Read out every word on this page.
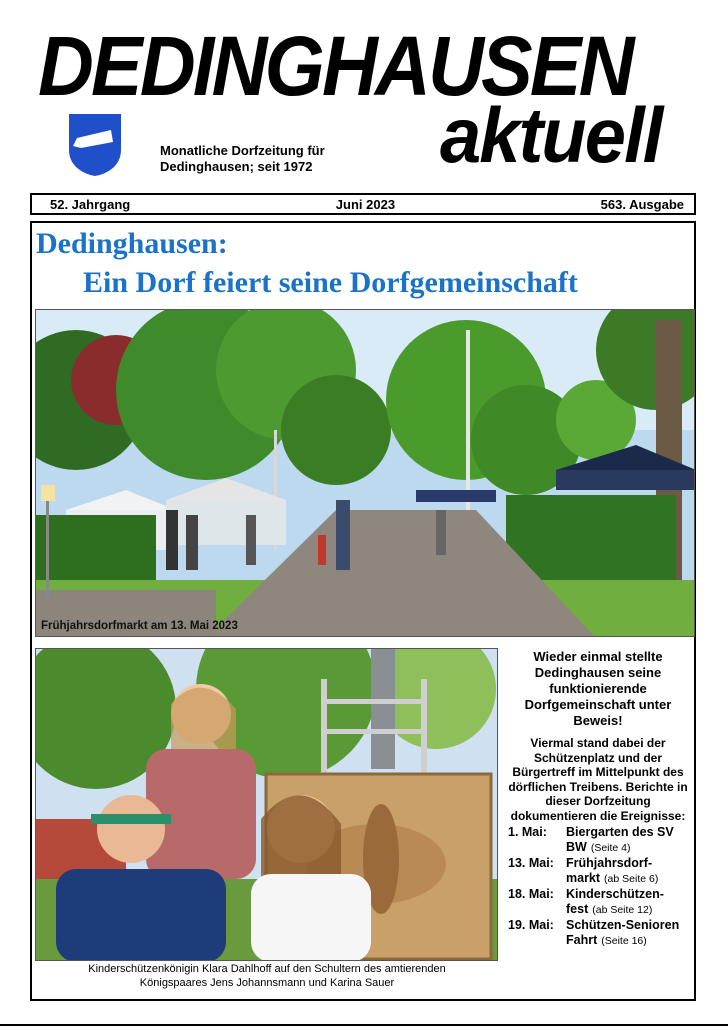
DEDINGHAUSEN
aktuell
Monatliche Dorfzeitung für
Dedinghausen; seit 1972
52. Jahrgang	Juni 2023	563. Ausgabe
Dedinghausen:
Ein Dorf feiert seine Dorfgemeinschaft
Frühjahrsdorfmarkt am 13. Mai 2023
Kinderschützenkönigin Klara Dahlhoff auf den Schultern des amtierenden
Königspaares Jens Johannsmann und Karina Sauer
Wieder einmal stellte Dedinghausen seine funktionierende Dorfgemeinschaft unter Beweis!
Viermal stand dabei der Schützenplatz und der Bürgertreff im Mittelpunkt des dörflichen Treibens. Berichte in dieser Dorfzeitung dokumentieren die Ereignisse:
1. Mai:	Biergarten des SV BW (Seite 4)
13. Mai: Frühjahrsdorf-markt (ab Seite 6)
18. Mai: Kinderschützen-fest (ab Seite 12)
19. Mai: Schützen-Senioren Fahrt (Seite 16)
